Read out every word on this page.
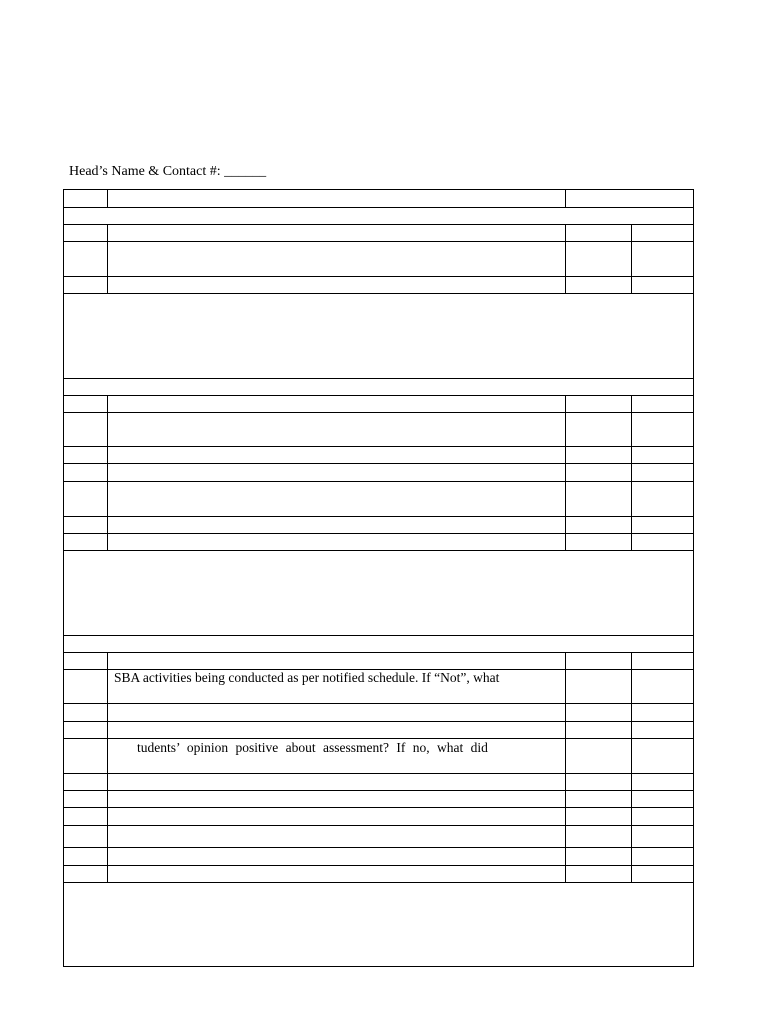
Head’s Name & Contact #: ______
SBA activities being conducted as per notified schedule. If “Not”, what
tudents’ opinion positive about assessment? If no, what did
